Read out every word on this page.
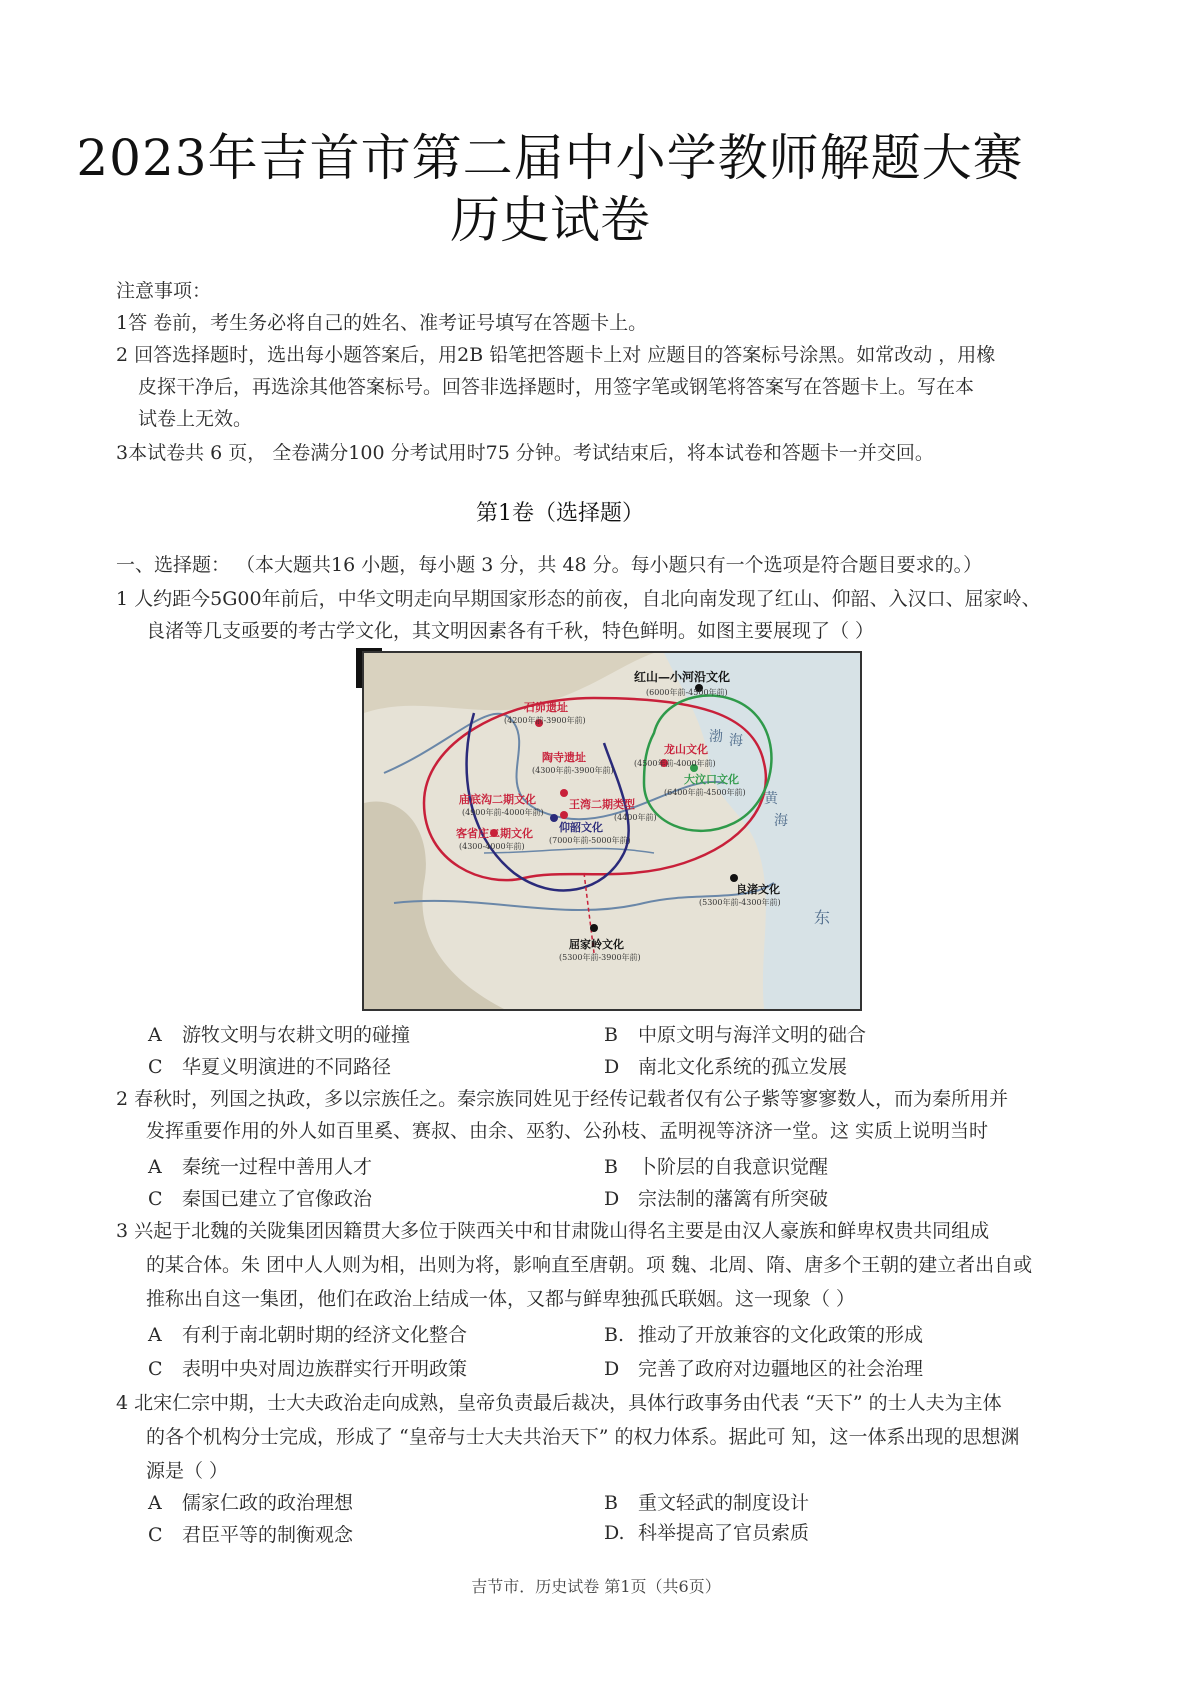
2023年吉首市第二届中小学教师解题大赛
历史试卷
注意事项：
1答 卷前，考生务必将自己的姓名、准考证号填写在答题卡上。
2 回答选择题时，选出每小题答案后，用2B 铅笔把答题卡上对 应题目的答案标号涂黑。如常改动 ，用橡
皮探干净后，再选涂其他答案标号。回答非选择题时，用签字笔或钢笔将答案写在答题卡上。写在本
试卷上无效。
3本试卷共 6 页， 全卷满分100 分考试用时75 分钟。考试结束后，将本试卷和答题卡一并交回。
第1卷（选择题）
一、选择题： （本大题共16 小题，每小题 3 分，共 48 分。每小题只有一个选项是符合题目要求的。）
1 人约距今5G00年前后，中华文明走向早期国家形态的前夜，自北向南发现了红山、仰韶、入汉口、屈家岭、
良渚等几支亟要的考古学文化，其文明因素各有千秋，特色鲜明。如图主要展现了（ ）
红山—小河沿文化
(6000年前-4500年前)
石峁遗址
(4200年前-3900年前)
龙山文化
(4500年前-4000年前)
陶寺遗址
(4300年前-3900年前)
大汶口文化
(6400年前-4500年前)
庙底沟二期文化
(4900年前-4000年前)
王湾二期类型
(4400年前)
仰韶文化
(7000年前-5000年前)
客省庄二期文化
(4300-4000年前)
良渚文化
(5300年前-4300年前)
屈家岭文化
(5300年前-3900年前)
渤 海
黄
海
东
A 游牧文明与农耕文明的碰撞	B 中原文明与海洋文明的础合
C 华夏义明演进的不同路径	D 南北文化系统的孤立发展
2 春秋时，列国之执政，多以宗族任之。秦宗族同姓见于经传记载者仅有公子紫等寥寥数人，而为秦所用并
发挥重要作用的外人如百里奚、赛叔、由余、巫豹、公孙枝、孟明视等济济一堂。这 实质上说明当时
A 秦统一过程中善用人才	B 卜阶层的自我意识觉醒
C 秦国已建立了官像政治	D 宗法制的藩篱有所突破
3 兴起于北魏的关陇集团因籍贯大多位于陕西关中和甘肃陇山得名主要是由汉人豪族和鲜卑权贵共同组成
的某合体。朱 团中人人则为相，出则为将，影响直至唐朝。项 魏、北周、隋、唐多个王朝的建立者出自或
推称出自这一集团，他们在政治上结成一体，又都与鲜卑独孤氏联姻。这一现象（ ）
A 有利于南北朝时期的经济文化整合	B. 推动了开放兼容的文化政策的形成
C 表明中央对周边族群实行开明政策	D 完善了政府对边疆地区的社会治理
4 北宋仁宗中期，士大夫政治走向成熟，皇帝负责最后裁决，具体行政事务由代表 “天下” 的士人夫为主体
的各个机构分士完成，形成了 “皇帝与士大夫共治天下” 的权力体系。据此可 知，这一体系出现的思想渊
源是（ ）
A 儒家仁政的政治理想	B 重文轻武的制度设计
C 君臣平等的制衡观念	D. 科举提高了官员索质
吉节市．历史试卷 第1页（共6页）
